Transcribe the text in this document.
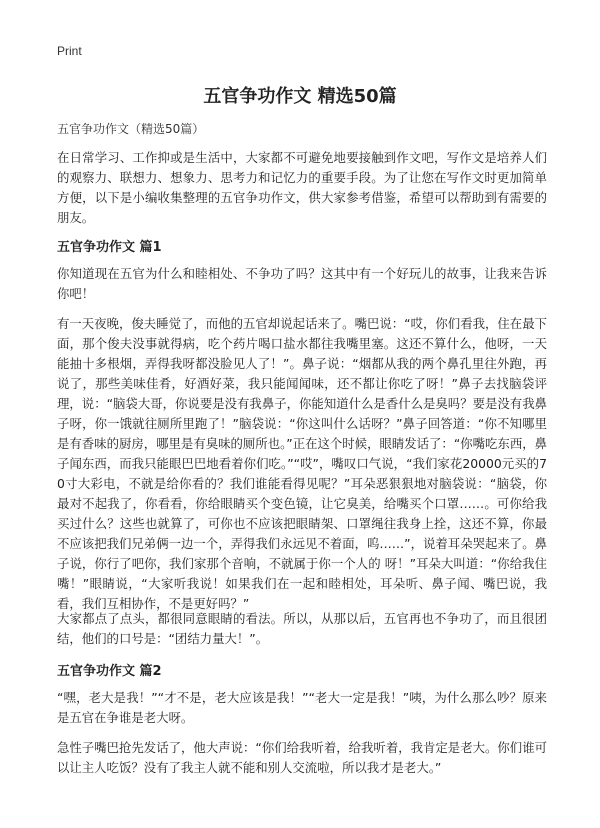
Print
五官争功作文 精选50篇
五官争功作文（精选50篇）

在日常学习、工作抑或是生活中，大家都不可避免地要接触到作文吧，写作文是培养人们的观察力、联想力、想象力、思考力和记忆力的重要手段。为了让您在写作文时更加简单方便，以下是小编收集整理的五官争功作文，供大家参考借鉴，希望可以帮助到有需要的朋友。

五官争功作文 篇1

你知道现在五官为什么和睦相处、不争功了吗？这其中有一个好玩儿的故事，让我来告诉你吧！

有一天夜晚，俊夫睡觉了，而他的五官却说起话来了。嘴巴说：“哎，你们看我，住在最下面，那个俊夫没事就得病，吃个药片喝口盐水都往我嘴里塞。这还不算什么，他呀，一天能抽十多根烟，弄得我呀都没脸见人了！”。鼻子说：“烟都从我的两个鼻孔里往外跑，再说了，那些美味佳肴，好酒好菜，我只能闻闻味，还不都让你吃了呀！”鼻子去找脑袋评理，说：“脑袋大哥，你说要是没有我鼻子，你能知道什么是香什么是臭吗？要是没有我鼻子呀，你一饿就往厕所里跑了！”脑袋说：“你这叫什么话呀？”鼻子回答道：“你不知哪里是有香味的厨房，哪里是有臭味的厕所也。”正在这个时候，眼睛发话了：“你嘴吃东西，鼻子闻东西，而我只能眼巴巴地看着你们吃。”“哎”，嘴叹口气说，“我们家花20000元买的70寸大彩电，不就是给你看的？我们谁能看得见呢？”耳朵恶狠狠地对脑袋说：“脑袋，你最对不起我了，你看看，你给眼睛买个变色镜，让它臭美，给嘴买个口罩……。可你给我买过什么？这些也就算了，可你也不应该把眼睛架、口罩绳往我身上拴，这还不算，你最不应该把我们兄弟俩一边一个，弄得我们永远见不着面，呜……”，说着耳朵哭起来了。鼻子说，你行了吧你，我们家那个音响，不就属于你一个人的 呀！”耳朵大叫道：“你给我住嘴！”眼睛说，“大家听我说！如果我们在一起和睦相处，耳朵听、鼻子闻、嘴巴说，我看，我们互相协作，不是更好吗？”

大家都点了点头，都很同意眼睛的看法。所以，从那以后，五官再也不争功了，而且很团结，他们的口号是：“团结力量大！”。

五官争功作文 篇2

“嘿，老大是我！”“才不是，老大应该是我！”“老大一定是我！”咦，为什么那么吵？原来是五官在争谁是老大呀。

急性子嘴巴抢先发话了，他大声说：“你们给我听着，给我听着，我肯定是老大。你们谁可以让主人吃饭？没有了我主人就不能和别人交流啦，所以我才是老大。”
